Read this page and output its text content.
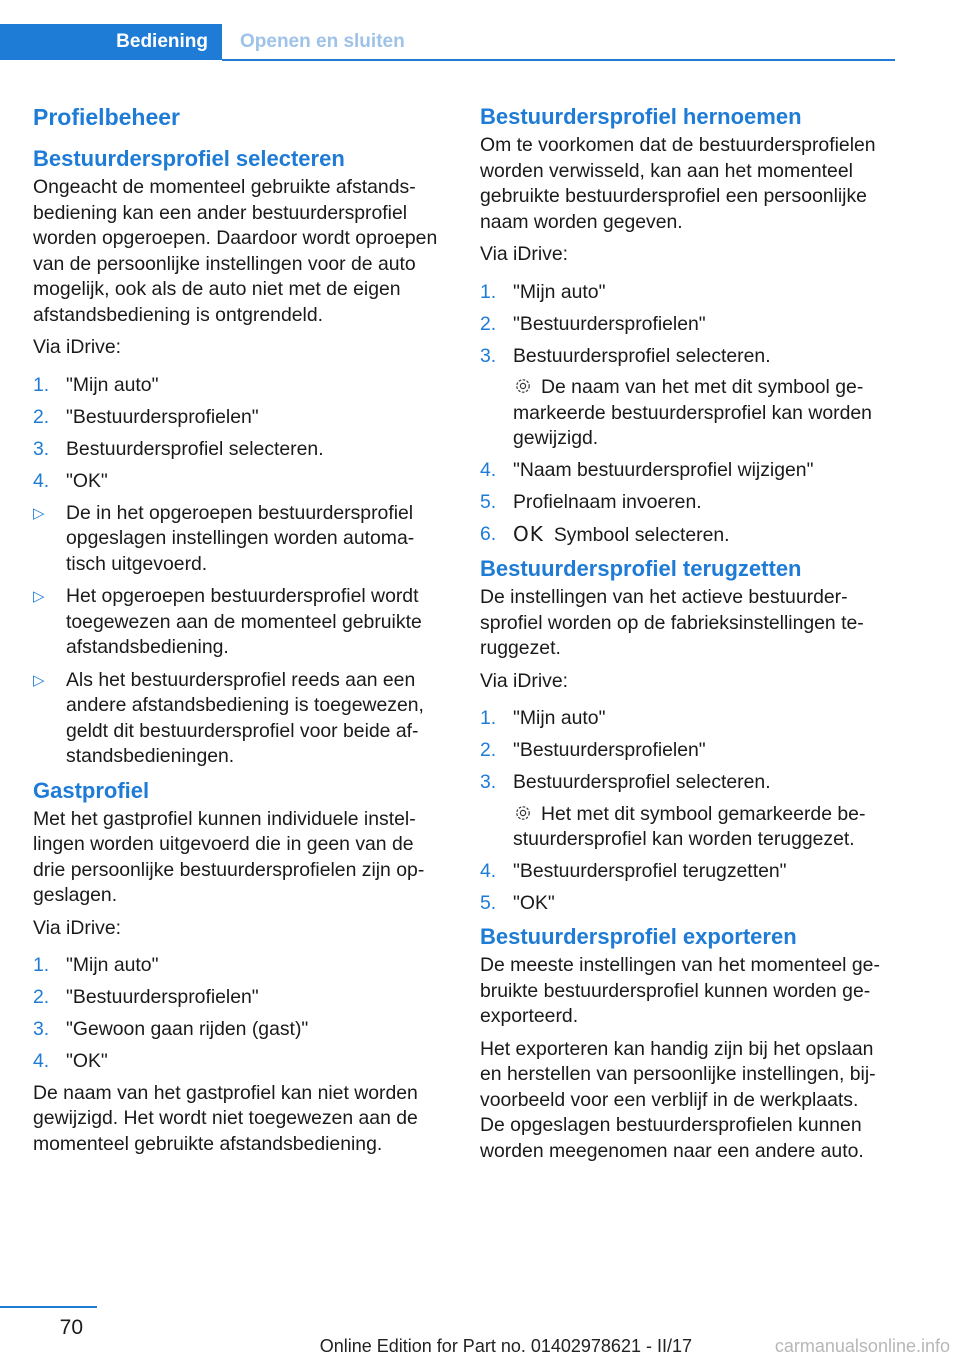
Bediening	Openen en sluiten
Profielbeheer
Bestuurdersprofiel selecteren

Ongeacht de momenteel gebruikte afstandsbediening kan een ander bestuurdersprofiel worden opgeroepen. Daardoor wordt oproepen van de persoonlijke instellingen voor de auto mogelijk, ook als de auto niet met de eigen afstandsbediening is ontgrendeld.

Via iDrive:

1. "Mijn auto"
2. "Bestuurdersprofielen"
3. Bestuurdersprofiel selecteren.
4. "OK"
▷ De in het opgeroepen bestuurdersprofiel opgeslagen instellingen worden automatisch uitgevoerd.
▷ Het opgeroepen bestuurdersprofiel wordt toegewezen aan de momenteel gebruikte afstandsbediening.
▷ Als het bestuurdersprofiel reeds aan een andere afstandsbediening is toegewezen, geldt dit bestuurdersprofiel voor beide afstandsbedieningen.
Gastprofiel

Met het gastprofiel kunnen individuele instellingen worden uitgevoerd die in geen van de drie persoonlijke bestuurdersprofielen zijn opgeslagen.

Via iDrive:

1. "Mijn auto"
2. "Bestuurdersprofielen"
3. "Gewoon gaan rijden (gast)"
4. "OK"

De naam van het gastprofiel kan niet worden gewijzigd. Het wordt niet toegewezen aan de momenteel gebruikte afstandsbediening.

Bestuurdersprofiel hernoemen

Om te voorkomen dat de bestuurdersprofielen worden verwisseld, kan aan het momenteel gebruikte bestuurdersprofiel een persoonlijke naam worden gegeven.

Via iDrive:

1. "Mijn auto"
2. "Bestuurdersprofielen"
3. Bestuurdersprofiel selecteren.
De naam van het met dit symbool gemarkeerde bestuurdersprofiel kan worden gewijzigd.
4. "Naam bestuurdersprofiel wijzigen"
5. Profielnaam invoeren.
6. OK Symbool selecteren.
Bestuurdersprofiel terugzetten

De instellingen van het actieve bestuurdersprofiel worden op de fabrieksinstellingen teruggezet.

Via iDrive:

1. "Mijn auto"
2. "Bestuurdersprofielen"
3. Bestuurdersprofiel selecteren.
Het met dit symbool gemarkeerde bestuurdersprofiel kan worden teruggezet.
4. "Bestuurdersprofiel terugzetten"
5. "OK"
Bestuurdersprofiel exporteren

De meeste instellingen van het momenteel gebruikte bestuurdersprofiel kunnen worden geexporteerd.

Het exporteren kan handig zijn bij het opslaan en herstellen van persoonlijke instellingen, bijvoorbeeld voor een verblijf in de werkplaats.

De opgeslagen bestuurdersprofielen kunnen worden meegenomen naar een andere auto.

70
Online Edition for Part no. 01402978621 - II/17	carmanualsonline.info
